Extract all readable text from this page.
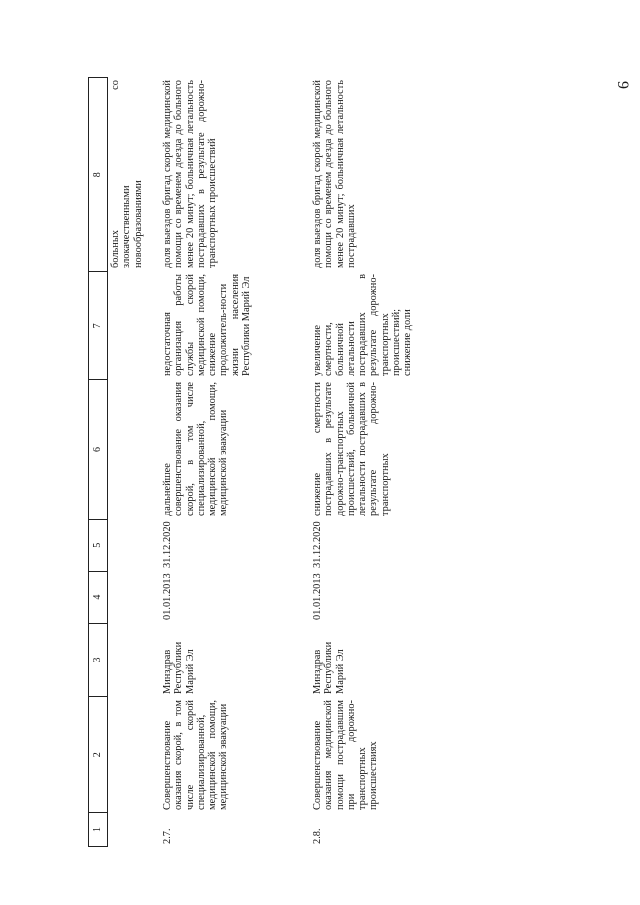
9
1
2
3
4
5
6
7
8
больных
со
злокачественными новообразованиями
2.7.
Совершенствование оказания скорой, в том числе скорой специализированной, медицинской помощи, медицинской эвакуации
Минздрав Республики Марий Эл
01.01.2013
31.12.2020
дальнейшее совершенствование оказания скорой, в том числе специализированной, медицинской помощи, медицинской эвакуации
недостаточная организация работы службы скорой медицинской помощи, снижение продолжитель-ности жизни населения Республики Марий Эл
доля выездов бригад скорой медицинской помощи со временем доезда до больного менее 20 минут; больничная летальность пострадавших в результате дорожно-транспортных происшествий
2.8.
Совершенствование оказания медицинской помощи пострадавшим при дорожно-транспортных происшествиях
Минздрав Республики Марий Эл
01.01.2013
31.12.2020
снижение смертности пострадавших в результате дорожно-транспортных происшествий, больничной летальности пострадавших в результате дорожно-транспортных
увеличение смертности, больничной летальности пострадавших в результате дорожно-транспортных происшествий; снижение доли
доля выездов бригад скорой медицинской помощи со временем доезда до больного менее 20 минут; больничная летальность пострадавших
